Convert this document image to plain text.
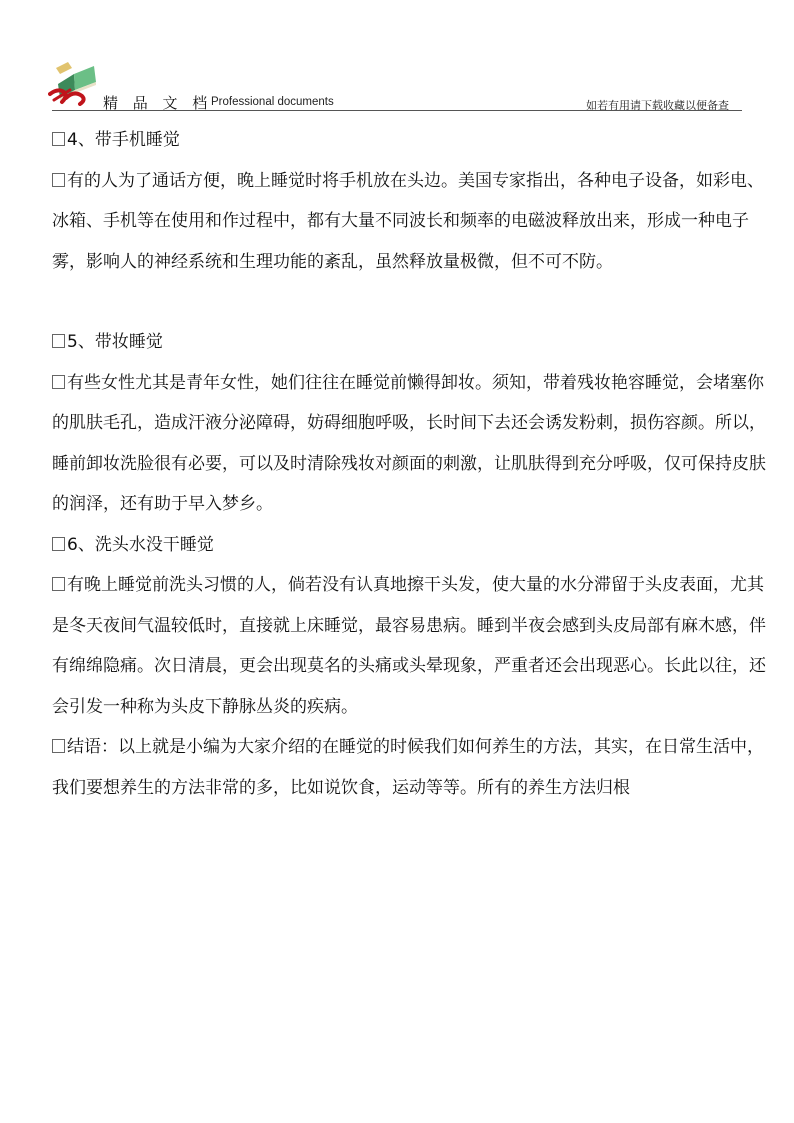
精 品 文 档
Professional documents	如若有用请下载收藏以便备查

4、带手机睡觉

有的人为了通话方便，晚上睡觉时将手机放在头边。美国专家指出，各种电子设备，如彩电、冰箱、手机等在使用和作过程中，都有大量不同波长和频率的电磁波释放出来，形成一种电子雾，影响人的神经系统和生理功能的紊乱，虽然释放量极微，但不可不防。

5、带妆睡觉

有些女性尤其是青年女性，她们往往在睡觉前懒得卸妆。须知，带着残妆艳容睡觉，会堵塞你的肌肤毛孔，造成汗液分泌障碍，妨碍细胞呼吸，长时间下去还会诱发粉刺，损伤容颜。所以，睡前卸妆洗脸很有必要，可以及时清除残妆对颜面的刺激，让肌肤得到充分呼吸，仅可保持皮肤的润泽，还有助于早入梦乡。

6、洗头水没干睡觉

有晚上睡觉前洗头习惯的人，倘若没有认真地擦干头发，使大量的水分滞留于头皮表面，尤其是冬天夜间气温较低时，直接就上床睡觉，最容易患病。睡到半夜会感到头皮局部有麻木感，伴有绵绵隐痛。次日清晨，更会出现莫名的头痛或头晕现象，严重者还会出现恶心。长此以往，还会引发一种称为头皮下静脉丛炎的疾病。

结语：以上就是小编为大家介绍的在睡觉的时候我们如何养生的方法，其实，在日常生活中，我们要想养生的方法非常的多，比如说饮食，运动等等。所有的养生方法归根
